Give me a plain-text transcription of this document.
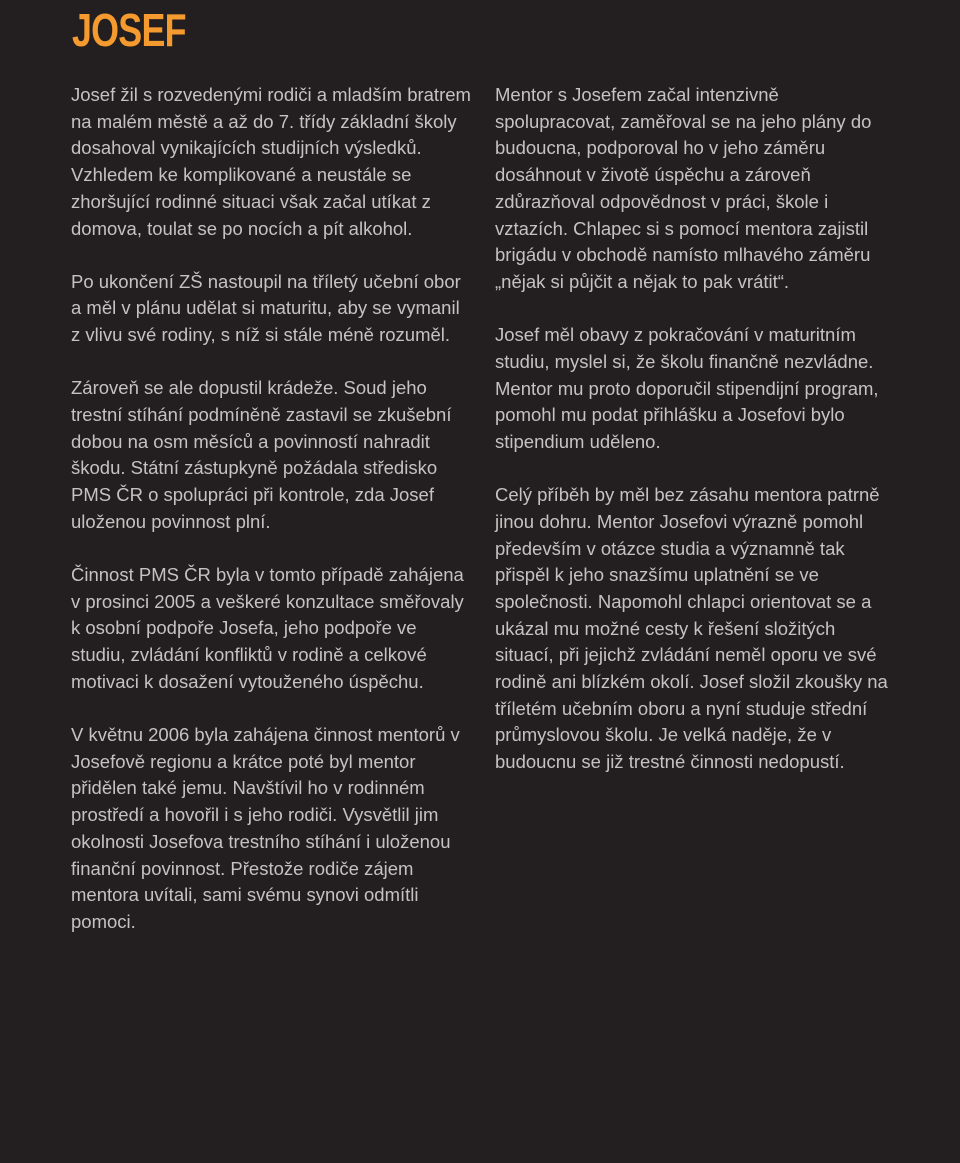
JOSEF

Josef žil s rozvedenými rodiči a mladším bratrem na malém městě a až do 7. třídy základní školy dosahoval vynikajících studijních výsledků. Vzhledem ke komplikované a neustále se zhoršující rodinné situaci však začal utíkat z domova, toulat se po nocích a pít alkohol.

Po ukončení ZŠ nastoupil na tříletý učební obor a měl v plánu udělat si maturitu, aby se vymanil z vlivu své rodiny, s níž si stále méně rozuměl.

Zároveň se ale dopustil krádeže. Soud jeho trestní stíhání podmíněně zastavil se zkušební dobou na osm měsíců a povinností nahradit škodu. Státní zástupkyně požádala středisko PMS ČR o spolupráci při kontrole, zda Josef uloženou povinnost plní.

Činnost PMS ČR byla v tomto případě zahájena v prosinci 2005 a veškeré konzultace směřovaly k osobní podpoře Josefa, jeho podpoře ve studiu, zvládání konfliktů v rodině a celkové motivaci k dosažení vytouženého úspěchu.

V květnu 2006 byla zahájena činnost mentorů v Josefově regionu a krátce poté byl mentor přidělen také jemu. Navštívil ho v rodinném prostředí a hovořil i s jeho rodiči. Vysvětlil jim okolnosti Josefova trestního stíhání i uloženou finanční povinnost. Přestože rodiče zájem mentora uvítali, sami svému synovi odmítli pomoci.

Mentor s Josefem začal intenzivně spolupracovat, zaměřoval se na jeho plány do budoucna, podporoval ho v jeho záměru dosáhnout v životě úspěchu a zároveň zdůrazňoval odpovědnost v práci, škole i vztazích. Chlapec si s pomocí mentora zajistil brigádu v obchodě namísto mlhavého záměru „nějak si půjčit a nějak to pak vrátit“.

Josef měl obavy z pokračování v maturitním studiu, myslel si, že školu finančně nezvládne. Mentor mu proto doporučil stipendijní program, pomohl mu podat přihlášku a Josefovi bylo stipendium uděleno.

Celý příběh by měl bez zásahu mentora patrně jinou dohru. Mentor Josefovi výrazně pomohl především v otázce studia a významně tak přispěl k jeho snazšímu uplatnění se ve společnosti. Napomohl chlapci orientovat se a ukázal mu možné cesty k řešení složitých situací, při jejichž zvládání neměl oporu ve své rodině ani blízkém okolí. Josef složil zkoušky na tříletém učebním oboru a nyní studuje střední průmyslovou školu. Je velká naděje, že v budoucnu se již trestné činnosti nedopustí.
